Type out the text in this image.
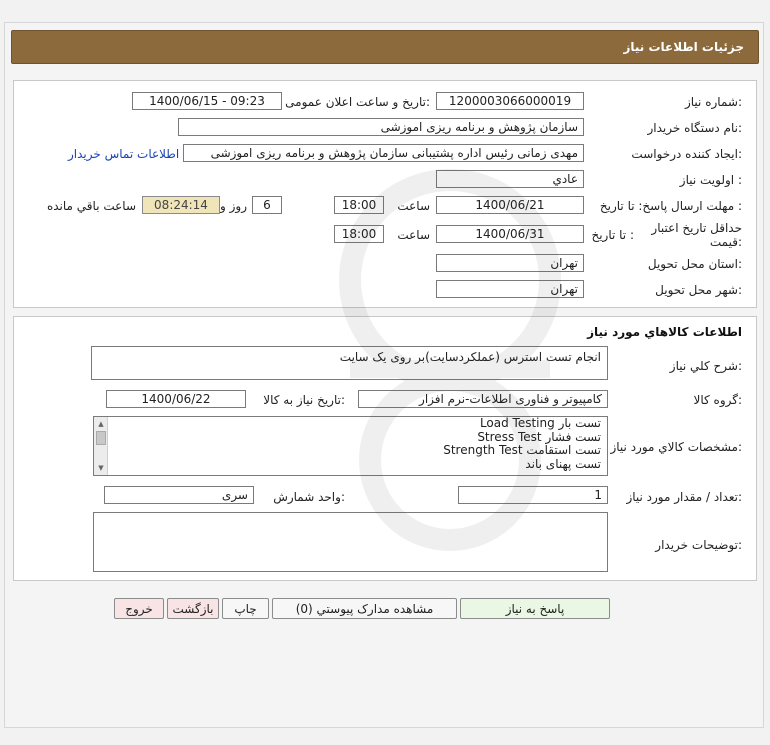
جزئيات اطلاعات نياز
شماره نياز:
1200003066000019
تاريخ و ساعت اعلان عمومی:
1400/06/15 - 09:23
نام دستگاه خريدار:
سازمان پژوهش و برنامه ریزی اموزشی
ايجاد کننده درخواست:
مهدی زمانی رئیس اداره پشتیبانی سازمان پژوهش و برنامه ریزی اموزشی
اطلاعات تماس خريدار
اولويت نياز :
عادي
مهلت ارسال پاسخ: تا تاريخ :
1400/06/21
ساعت
18:00
6
روز و
08:24:14
ساعت باقي مانده
حداقل تاريخ اعتبار قيمت:
تا تاريخ :
1400/06/31
ساعت
18:00
استان محل تحويل:
تهران
شهر محل تحويل:
تهران
اطلاعات کالاهاي مورد نياز
شرح کلي نياز:
انجام تست استرس (عملکردسایت)بر روی یک سایت
گروه کالا:
کامپیوتر و فناوری اطلاعات-نرم افزار
تاريخ نياز به کالا:
1400/06/22
مشخصات کالاي مورد نياز:
▲
▼
تست بار Load Testing
تست فشار Stress Test
تست استقامت Strength Test
تست پهنای باند
تعداد / مقدار مورد نياز:
1
واحد شمارش:
سری
توضيحات خريدار:
پاسخ به نياز
مشاهده مدارک پيوستي (0)
چاپ
بازگشت
خروج
